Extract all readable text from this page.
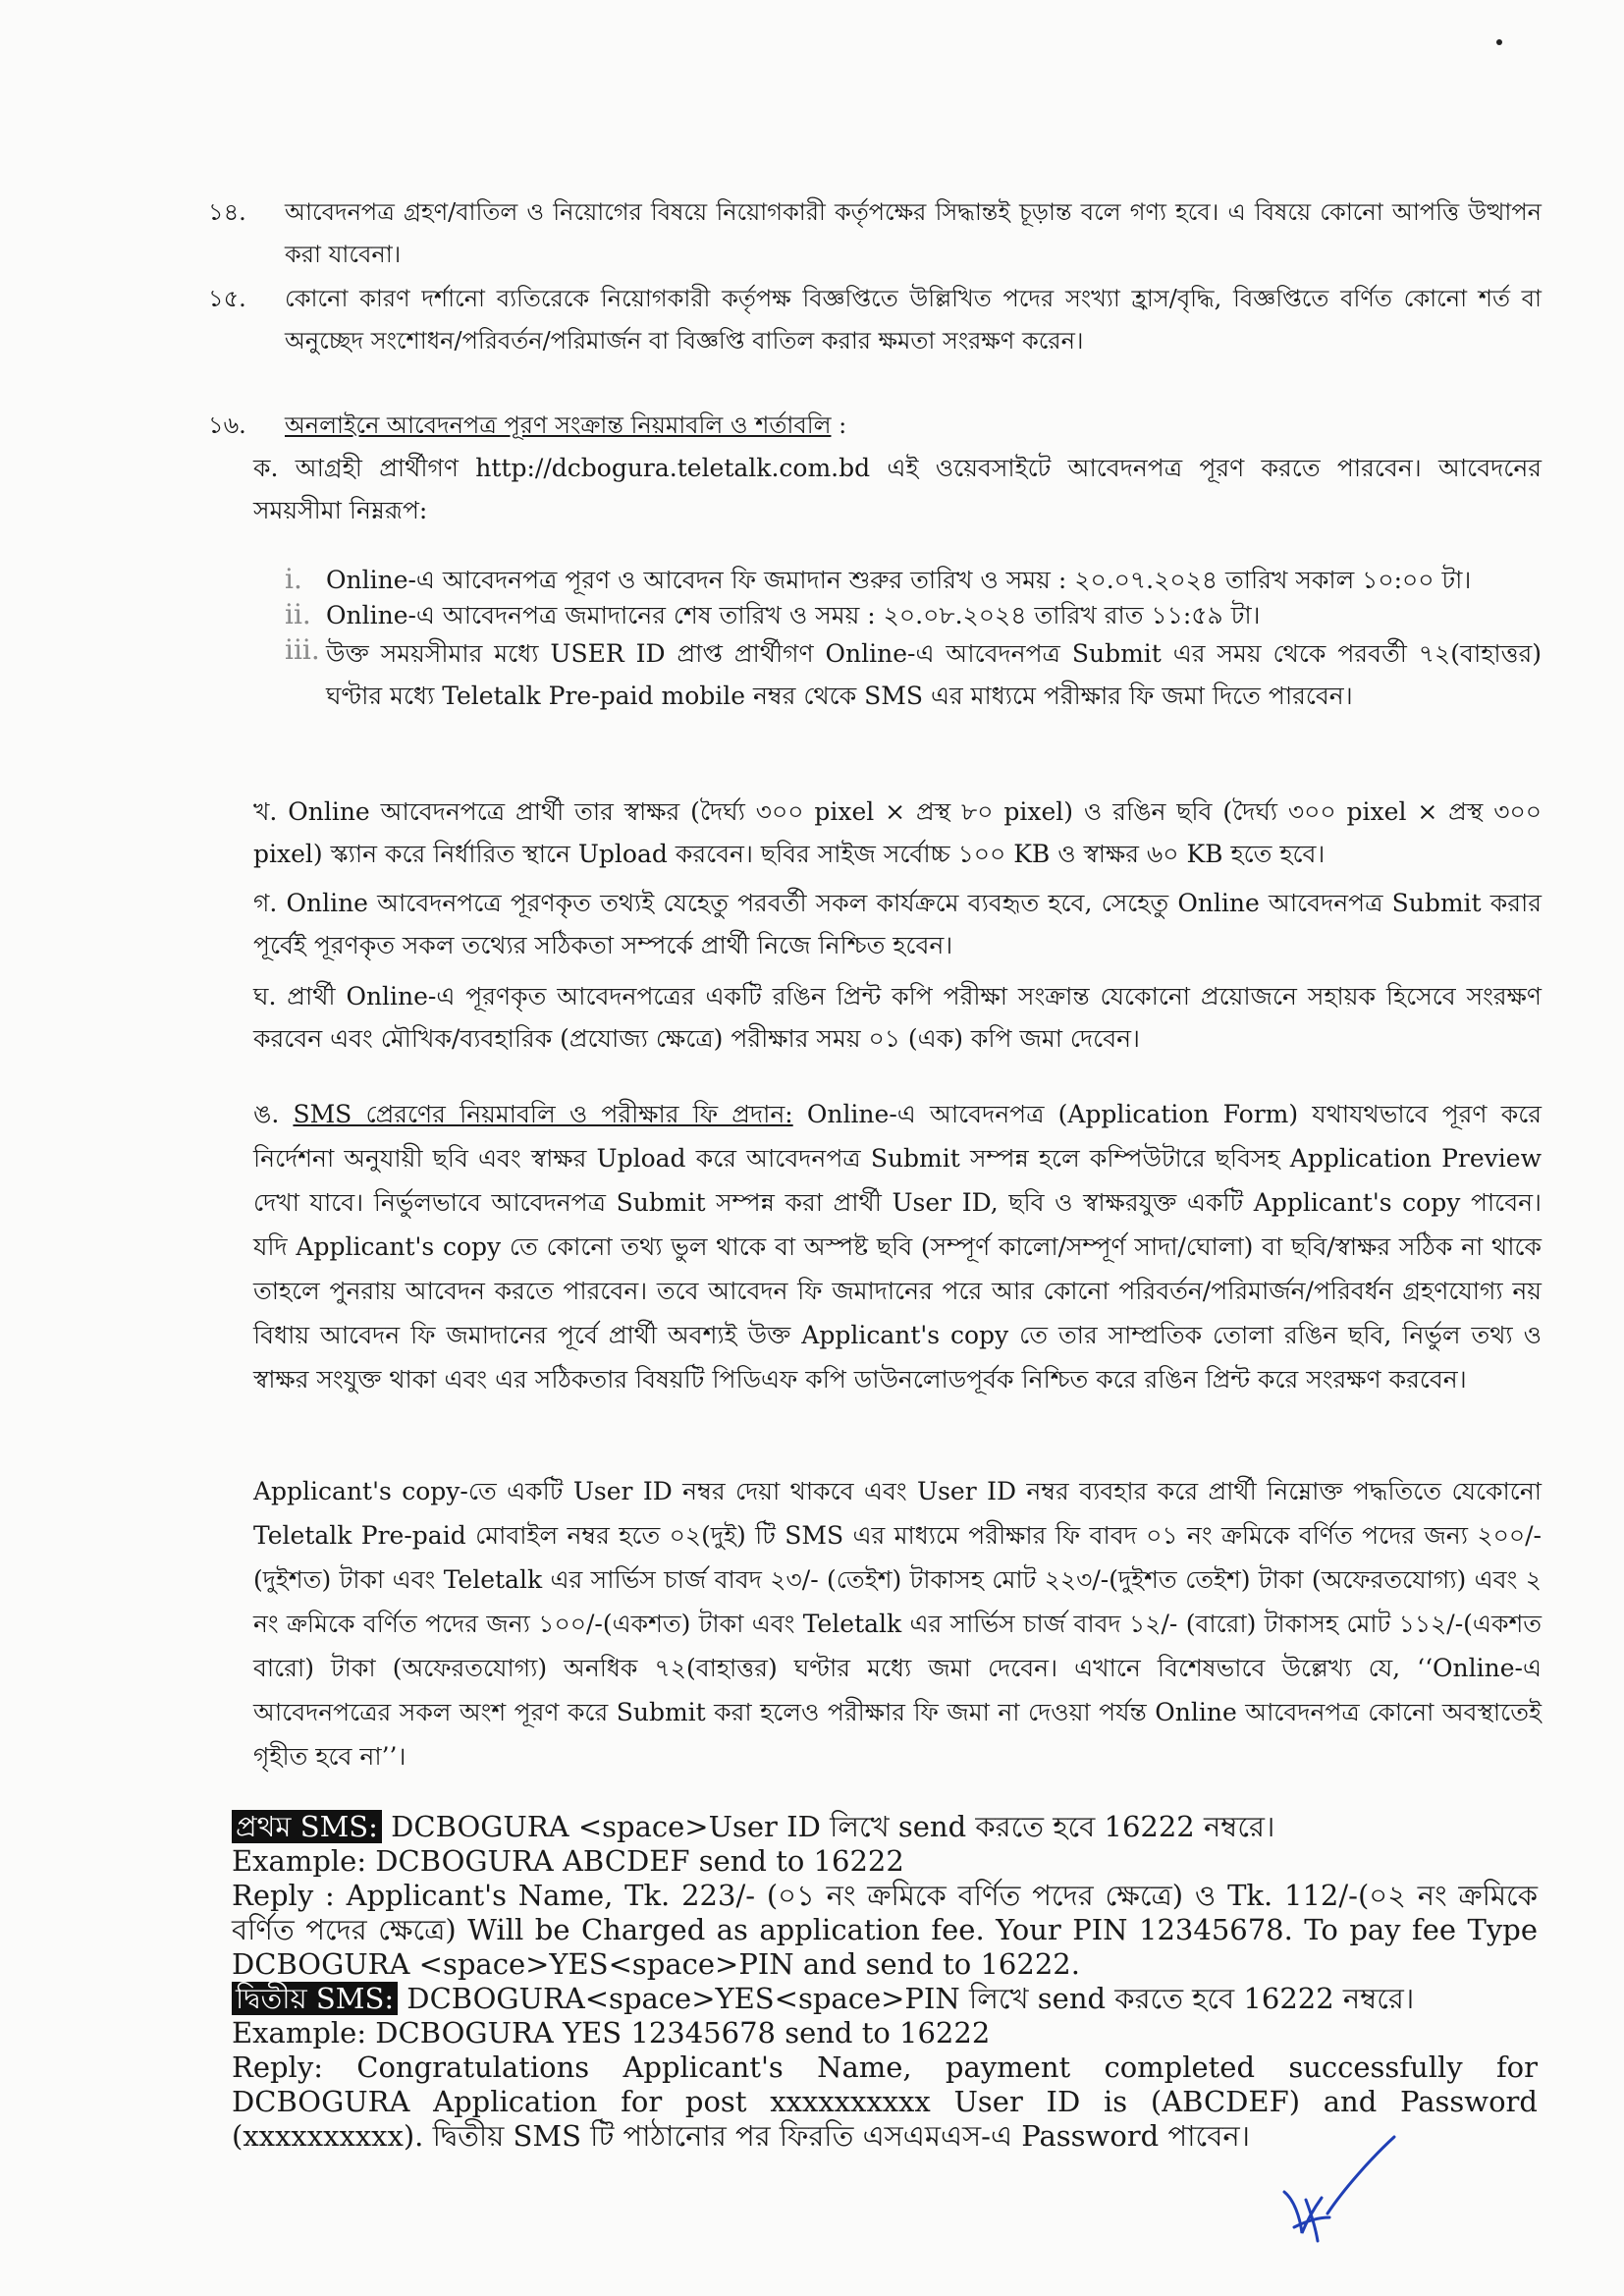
১৪. আবেদনপত্র গ্রহণ/বাতিল ও নিয়োগের বিষয়ে নিয়োগকারী কর্তৃপক্ষের সিদ্ধান্তই চূড়ান্ত বলে গণ্য হবে। এ বিষয়ে কোনো আপত্তি উত্থাপন করা যাবেনা।
১৫. কোনো কারণ দর্শানো ব্যতিরেকে নিয়োগকারী কর্তৃপক্ষ বিজ্ঞপ্তিতে উল্লিখিত পদের সংখ্যা হ্রাস/বৃদ্ধি, বিজ্ঞপ্তিতে বর্ণিত কোনো শর্ত বা অনুচ্ছেদ সংশোধন/পরিবর্তন/পরিমার্জন বা বিজ্ঞপ্তি বাতিল করার ক্ষমতা সংরক্ষণ করেন।
১৬. অনলাইনে আবেদনপত্র পূরণ সংক্রান্ত নিয়মাবলি ও শর্তাবলি :
ক. আগ্রহী প্রার্থীগণ http://dcbogura.teletalk.com.bd এই ওয়েবসাইটে আবেদনপত্র পূরণ করতে পারবেন। আবেদনের সময়সীমা নিম্নরূপ:
i. Online-এ আবেদনপত্র পূরণ ও আবেদন ফি জমাদান শুরুর তারিখ ও সময় : ২০.০৭.২০২৪ তারিখ সকাল ১০:০০ টা।
ii. Online-এ আবেদনপত্র জমাদানের শেষ তারিখ ও সময় : ২০.০৮.২০২৪ তারিখ রাত ১১:৫৯ টা।
iii. উক্ত সময়সীমার মধ্যে USER ID প্রাপ্ত প্রার্থীগণ Online-এ আবেদনপত্র Submit এর সময় থেকে পরবর্তী ৭২(বাহাত্তর) ঘণ্টার মধ্যে Teletalk Pre-paid mobile নম্বর থেকে SMS এর মাধ্যমে পরীক্ষার ফি জমা দিতে পারবেন।
খ. Online আবেদনপত্রে প্রার্থী তার স্বাক্ষর (দৈর্ঘ্য ৩০০ pixel × প্রস্থ ৮০ pixel) ও রঙিন ছবি (দৈর্ঘ্য ৩০০ pixel × প্রস্থ ৩০০ pixel) স্ক্যান করে নির্ধারিত স্থানে Upload করবেন। ছবির সাইজ সর্বোচ্চ ১০০ KB ও স্বাক্ষর ৬০ KB হতে হবে।
গ. Online আবেদনপত্রে পূরণকৃত তথ্যই যেহেতু পরবর্তী সকল কার্যক্রমে ব্যবহৃত হবে, সেহেতু Online আবেদনপত্র Submit করার পূর্বেই পূরণকৃত সকল তথ্যের সঠিকতা সম্পর্কে প্রার্থী নিজে নিশ্চিত হবেন।
ঘ. প্রার্থী Online-এ পূরণকৃত আবেদনপত্রের একটি রঙিন প্রিন্ট কপি পরীক্ষা সংক্রান্ত যেকোনো প্রয়োজনে সহায়ক হিসেবে সংরক্ষণ করবেন এবং মৌখিক/ব্যবহারিক (প্রযোজ্য ক্ষেত্রে) পরীক্ষার সময় ০১ (এক) কপি জমা দেবেন।
ঙ. SMS প্রেরণের নিয়মাবলি ও পরীক্ষার ফি প্রদান: Online-এ আবেদনপত্র (Application Form) যথাযথভাবে পূরণ করে নির্দেশনা অনুযায়ী ছবি এবং স্বাক্ষর Upload করে আবেদনপত্র Submit সম্পন্ন হলে কম্পিউটারে ছবিসহ Application Preview দেখা যাবে। নির্ভুলভাবে আবেদনপত্র Submit সম্পন্ন করা প্রার্থী User ID, ছবি ও স্বাক্ষরযুক্ত একটি Applicant's copy পাবেন। যদি Applicant's copy তে কোনো তথ্য ভুল থাকে বা অস্পষ্ট ছবি (সম্পূর্ণ কালো/সম্পূর্ণ সাদা/ঘোলা) বা ছবি/স্বাক্ষর সঠিক না থাকে তাহলে পুনরায় আবেদন করতে পারবেন। তবে আবেদন ফি জমাদানের পরে আর কোনো পরিবর্তন/পরিমার্জন/পরিবর্ধন গ্রহণযোগ্য নয় বিধায় আবেদন ফি জমাদানের পূর্বে প্রার্থী অবশ্যই উক্ত Applicant's copy তে তার সাম্প্রতিক তোলা রঙিন ছবি, নির্ভুল তথ্য ও স্বাক্ষর সংযুক্ত থাকা এবং এর সঠিকতার বিষয়টি পিডিএফ কপি ডাউনলোডপূর্বক নিশ্চিত করে রঙিন প্রিন্ট করে সংরক্ষণ করবেন।
Applicant's copy-তে একটি User ID নম্বর দেয়া থাকবে এবং User ID নম্বর ব্যবহার করে প্রার্থী নিম্নোক্ত পদ্ধতিতে যেকোনো Teletalk Pre-paid মোবাইল নম্বর হতে ০২(দুই) টি SMS এর মাধ্যমে পরীক্ষার ফি বাবদ ০১ নং ক্রমিকে বর্ণিত পদের জন্য ২০০/-(দুইশত) টাকা এবং Teletalk এর সার্ভিস চার্জ বাবদ ২৩/- (তেইশ) টাকাসহ মোট ২২৩/-(দুইশত তেইশ) টাকা (অফেরতযোগ্য) এবং ২ নং ক্রমিকে বর্ণিত পদের জন্য ১০০/-(একশত) টাকা এবং Teletalk এর সার্ভিস চার্জ বাবদ ১২/- (বারো) টাকাসহ মোট ১১২/-(একশত বারো) টাকা (অফেরতযোগ্য) অনধিক ৭২(বাহাত্তর) ঘণ্টার মধ্যে জমা দেবেন। এখানে বিশেষভাবে উল্লেখ্য যে, ‘‘Online-এ আবেদনপত্রের সকল অংশ পূরণ করে Submit করা হলেও পরীক্ষার ফি জমা না দেওয়া পর্যন্ত Online আবেদনপত্র কোনো অবস্থাতেই গৃহীত হবে না’’।
প্রথম SMS: DCBOGURA <space>User ID লিখে send করতে হবে 16222 নম্বরে।
Example: DCBOGURA ABCDEF send to 16222
Reply : Applicant's Name, Tk. 223/- (০১ নং ক্রমিকে বর্ণিত পদের ক্ষেত্রে) ও Tk. 112/-(০২ নং ক্রমিকে বর্ণিত পদের ক্ষেত্রে) Will be Charged as application fee. Your PIN 12345678. To pay fee Type DCBOGURA <space>YES<space>PIN and send to 16222.
দ্বিতীয় SMS: DCBOGURA<space>YES<space>PIN লিখে send করতে হবে 16222 নম্বরে।
Example: DCBOGURA YES 12345678 send to 16222
Reply: Congratulations Applicant's Name, payment completed successfully for DCBOGURA Application for post xxxxxxxxxx User ID is (ABCDEF) and Password (xxxxxxxxxx). দ্বিতীয় SMS টি পাঠানোর পর ফিরতি এসএমএস-এ Password পাবেন।
